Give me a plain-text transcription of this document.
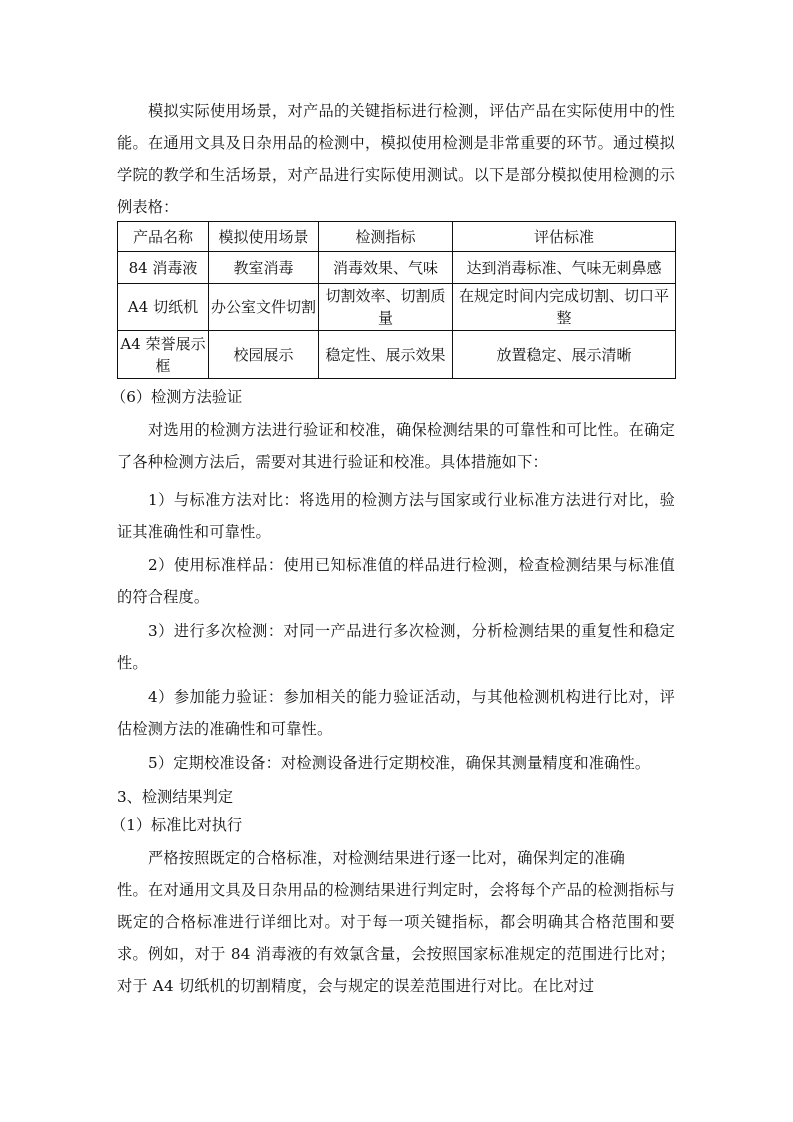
模拟实际使用场景，对产品的关键指标进行检测，评估产品在实际使用中的性能。在通用文具及日杂用品的检测中，模拟使用检测是非常重要的环节。通过模拟学院的教学和生活场景，对产品进行实际使用测试。以下是部分模拟使用检测的示例表格：
产品名称	模拟使用场景	检测指标	评估标准
84 消毒液	教室消毒	消毒效果、气味	达到消毒标准、气味无刺鼻感
A4 切纸机	办公室文件切割	切割效率、切割质量	在规定时间内完成切割、切口平整
A4 荣誉展示框	校园展示	稳定性、展示效果	放置稳定、展示清晰
（6）检测方法验证
对选用的检测方法进行验证和校准，确保检测结果的可靠性和可比性。在确定了各种检测方法后，需要对其进行验证和校准。具体措施如下：
1）与标准方法对比：将选用的检测方法与国家或行业标准方法进行对比，验证其准确性和可靠性。
2）使用标准样品：使用已知标准值的样品进行检测，检查检测结果与标准值的符合程度。
3）进行多次检测：对同一产品进行多次检测，分析检测结果的重复性和稳定性。
4）参加能力验证：参加相关的能力验证活动，与其他检测机构进行比对，评估检测方法的准确性和可靠性。
5）定期校准设备：对检测设备进行定期校准，确保其测量精度和准确性。
3、检测结果判定
（1）标准比对执行
严格按照既定的合格标准，对检测结果进行逐一比对，确保判定的准确
性。在对通用文具及日杂用品的检测结果进行判定时，会将每个产品的检测指标与既定的合格标准进行详细比对。对于每一项关键指标，都会明确其合格范围和要求。例如，对于 84 消毒液的有效氯含量，会按照国家标准规定的范围进行比对；对于 A4 切纸机的切割精度，会与规定的误差范围进行对比。在比对过
